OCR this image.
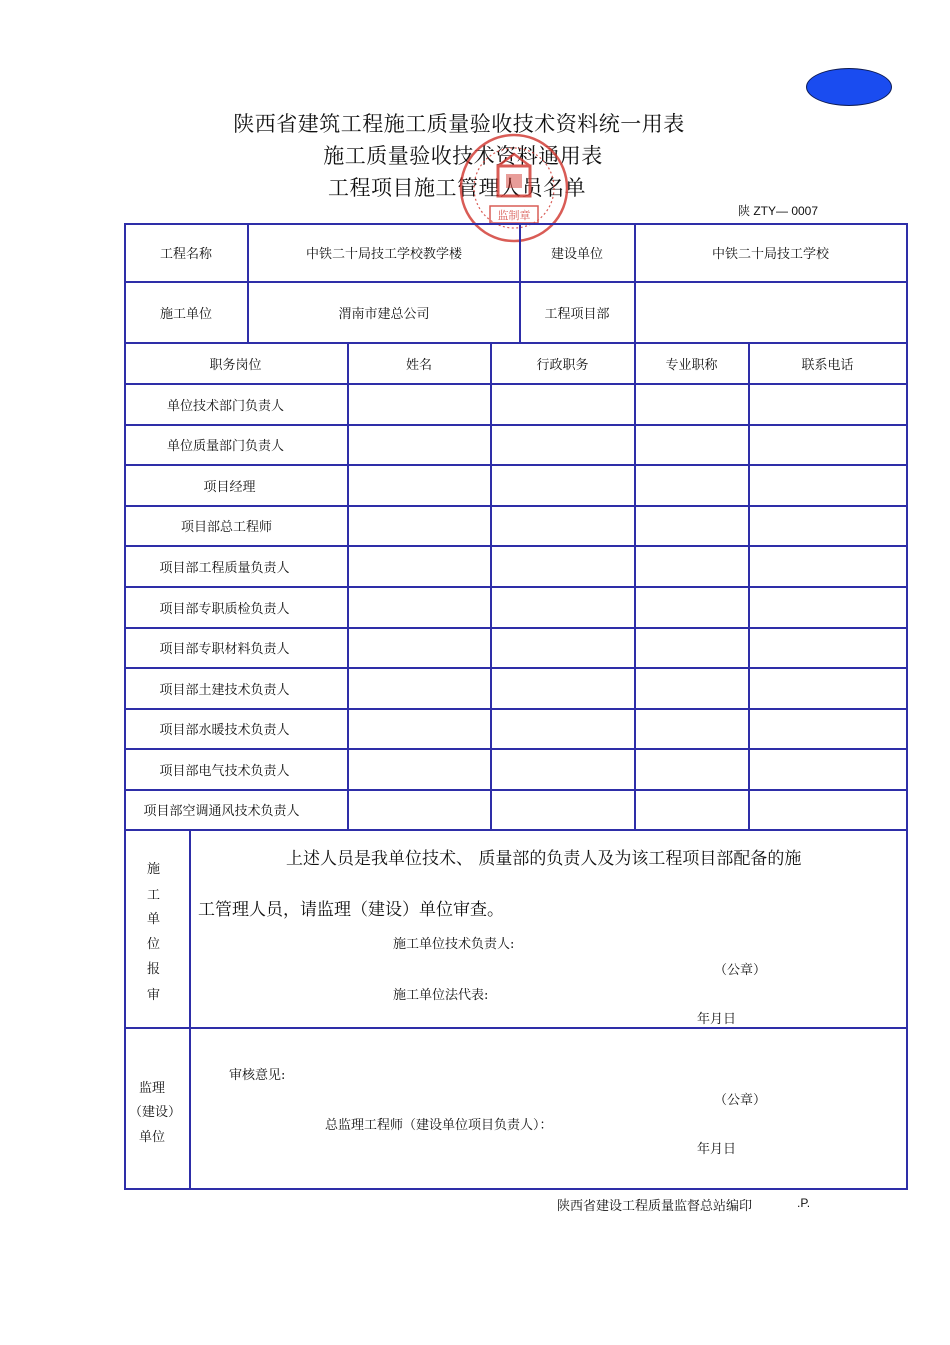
陕西省建筑工程施工质量验收技术资料统一用表
施工质量验收技术资料通用表
工程项目施工管理人员名单
监制章	陕 ZTY— 0007
工程名称	中铁二十局技工学校教学楼	建设单位	中铁二十局技工学校
施工单位	渭南市建总公司	工程项目部
职务岗位	姓名	行政职务	专业职称	联系电话
单位技术部门负责人
单位质量部门负责人
项目经理
项目部总工程师
项目部工程质量负责人
项目部专职质检负责人
项目部专职材料负责人
项目部土建技术负责人
项目部水暖技术负责人
项目部电气技术负责人
项目部空调通风技术负责人
施
工
单
位
报
审
上述人员是我单位技术、 质量部的负责人及为该工程项目部配备的施
工管理人员，请监理（建设）单位审查。
施工单位技术负责人:
（公章）
施工单位法代表:
年月日
监理
（建设）
单位
审核意见:
（公章）
总监理工程师（建设单位项目负责人）：
年月日
陕西省建设工程质量监督总站编印	.P.
